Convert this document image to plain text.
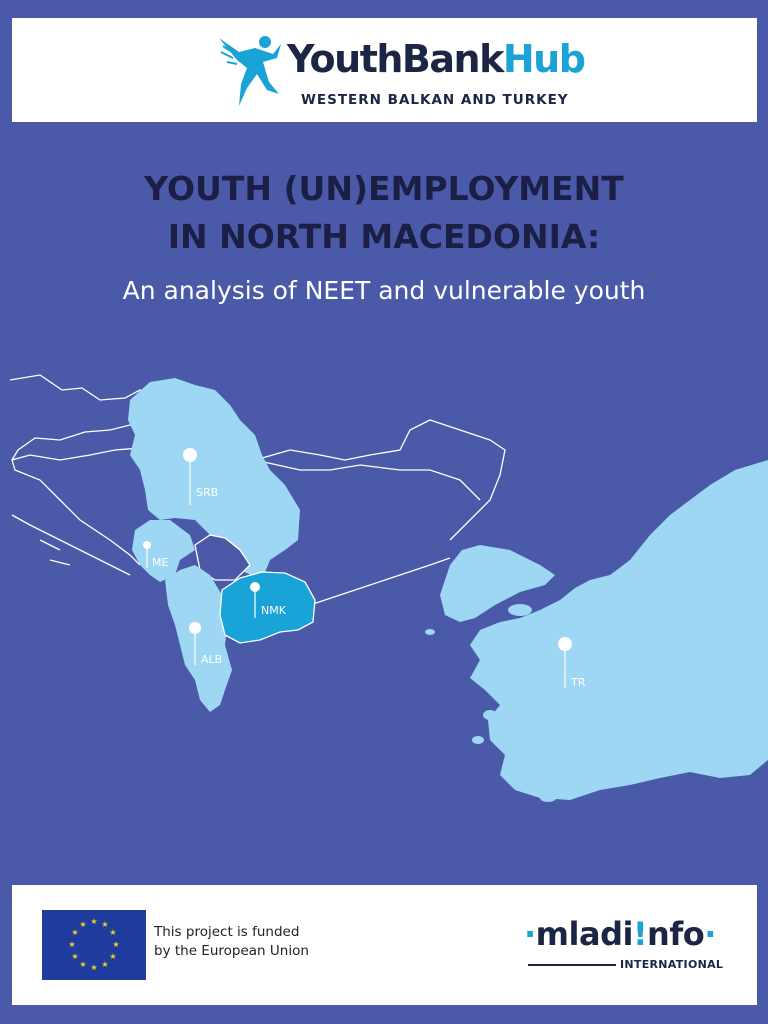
YouthBankHub
WESTERN BALKAN AND TURKEY
YOUTH (UN)EMPLOYMENT
IN NORTH MACEDONIA:
An analysis of NEET and vulnerable youth
SRB
ME
NMK
ALB
TR
★ ★
★
★
★
★
★
★
★
★
★
★	This project is funded
by the European Union	·mladi!nfo·
INTERNATIONAL
